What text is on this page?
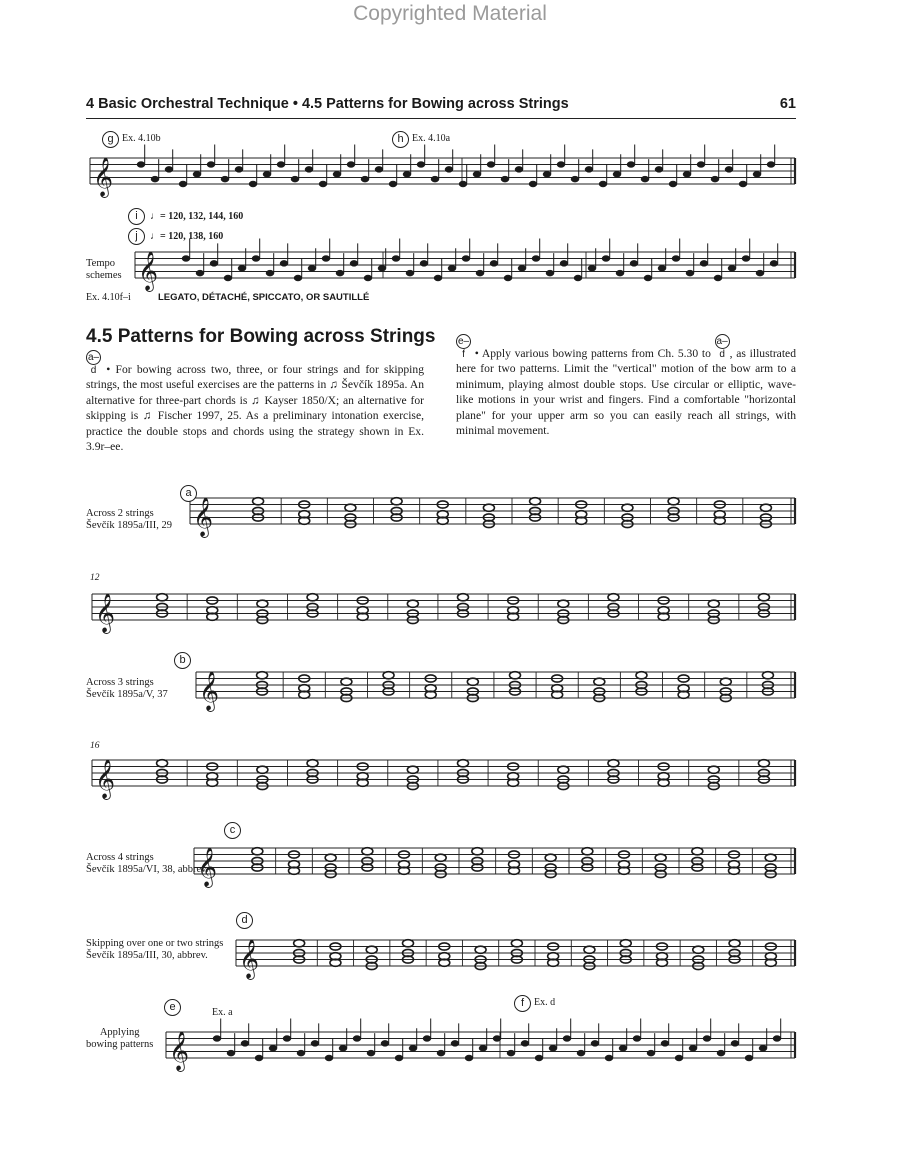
Copyrighted Material
4 Basic Orchestral Technique • 4.5 Patterns for Bowing across Strings	61
𝄞
𝄞
𝄞
𝄞
𝄞
𝄞
𝄞
𝄞
𝄞
g Ex. 4.10b	h Ex. 4.10a
i	♩= 120, 132, 144, 160
j	♩= 120, 138, 160
Tempo schemes
Ex. 4.10f–i	LEGATO, DÉTACHÉ, SPICCATO, OR SAUTILLÉ
4.5 Patterns for Bowing across Strings
a–d • For bowing across two, three, or four strings and for skipping strings, the most useful exercises are the patterns in ♫ Ševčík 1895a. An alternative for three-part chords is ♫ Kayser 1850/X; an alternative for skipping is ♫ Fischer 1997, 25. As a preliminary intonation exercise, practice the double stops and chords using the strategy shown in Ex. 3.9r–ee.
e–f • Apply various bowing patterns from Ch. 5.30 to a–d , as illustrated here for two patterns. Limit the "vertical" motion of the bow arm to a minimum, playing almost double stops. Use circular or elliptic, wave-like motions in your wrist and fingers. Find a comfortable "horizontal plane" for your upper arm so you can easily reach all strings, with minimal movement.
a
Across 2 strings
Ševčík 1895a/III, 29
12
b
Across 3 strings
Ševčík 1895a/V, 37
16
c
Across 4 strings
Ševčík 1895a/VI, 38, abbrev.
d
Skipping over one or two strings
Ševčík 1895a/III, 30, abbrev.
e	Ex. a
Applying
bowing patterns
f Ex. d
